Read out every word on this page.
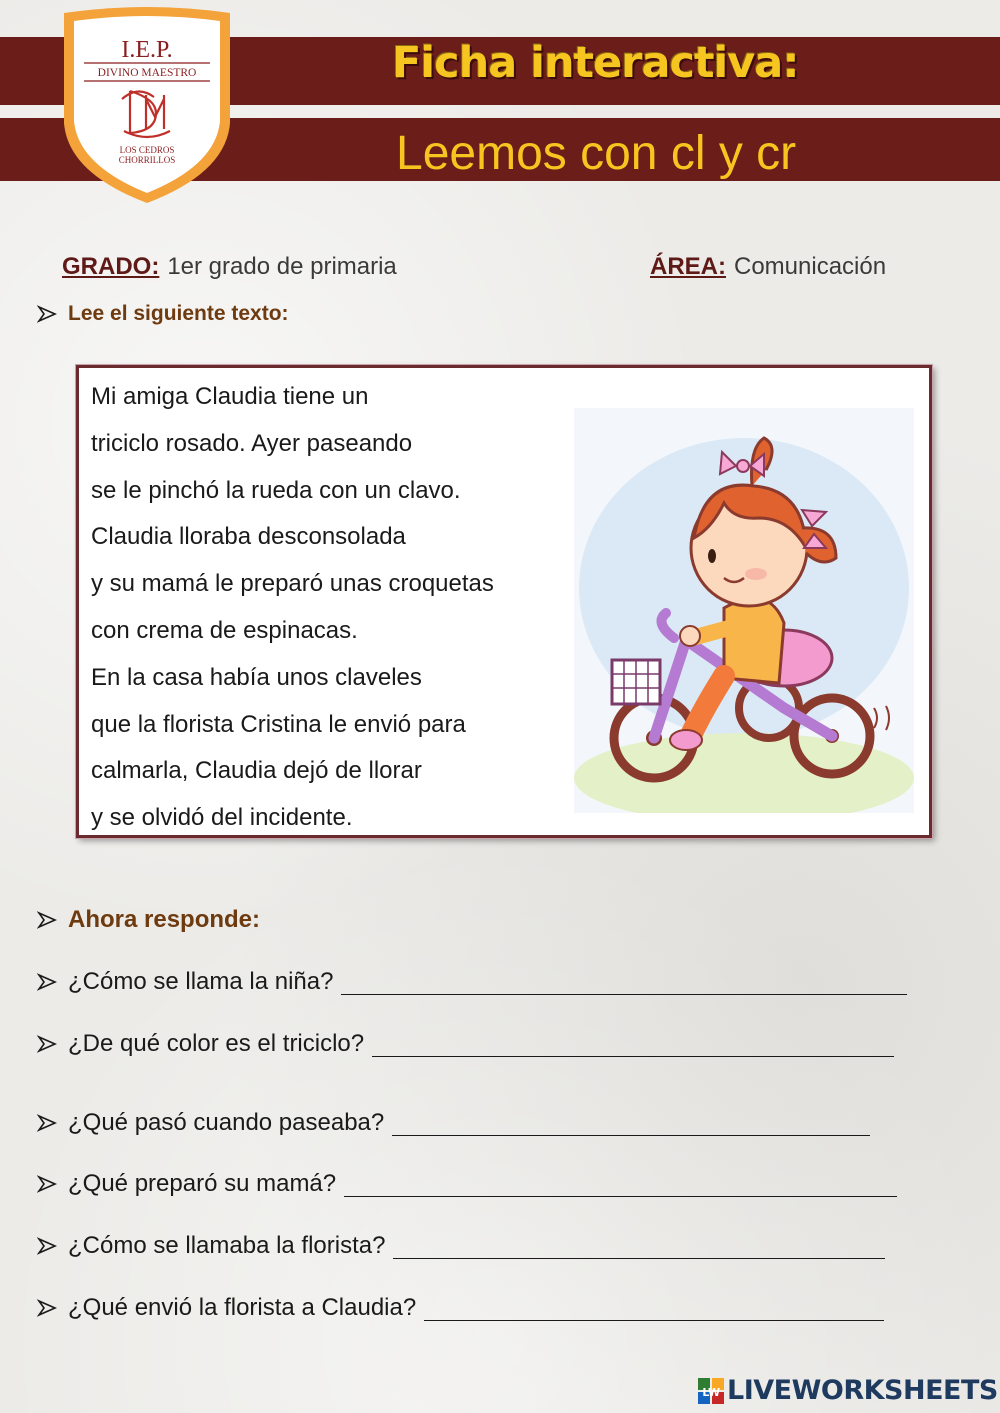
Ficha interactiva:
Leemos con cl y cr
I.E.P.
DIVINO MAESTRO
LOS CEDROS
CHORRILLOS
GRADO: 1er grado de primaria	ÁREA: Comunicación
Lee el siguiente texto:
Mi amiga Claudia tiene un
triciclo rosado. Ayer paseando
se le pinchó la rueda con un clavo.
Claudia lloraba desconsolada
y su mamá le preparó unas croquetas
con crema de espinacas.
En la casa había unos claveles
que la florista Cristina le envió para
calmarla, Claudia dejó de llorar
y se olvidó del incidente.
Ahora responde:
¿Cómo se llama la niña?
¿De qué color es el triciclo?
¿Qué pasó cuando paseaba?
¿Qué preparó su mamá?
¿Cómo se llamaba la florista?
¿Qué envió la florista a Claudia?
LW LIVEWORKSHEETS
